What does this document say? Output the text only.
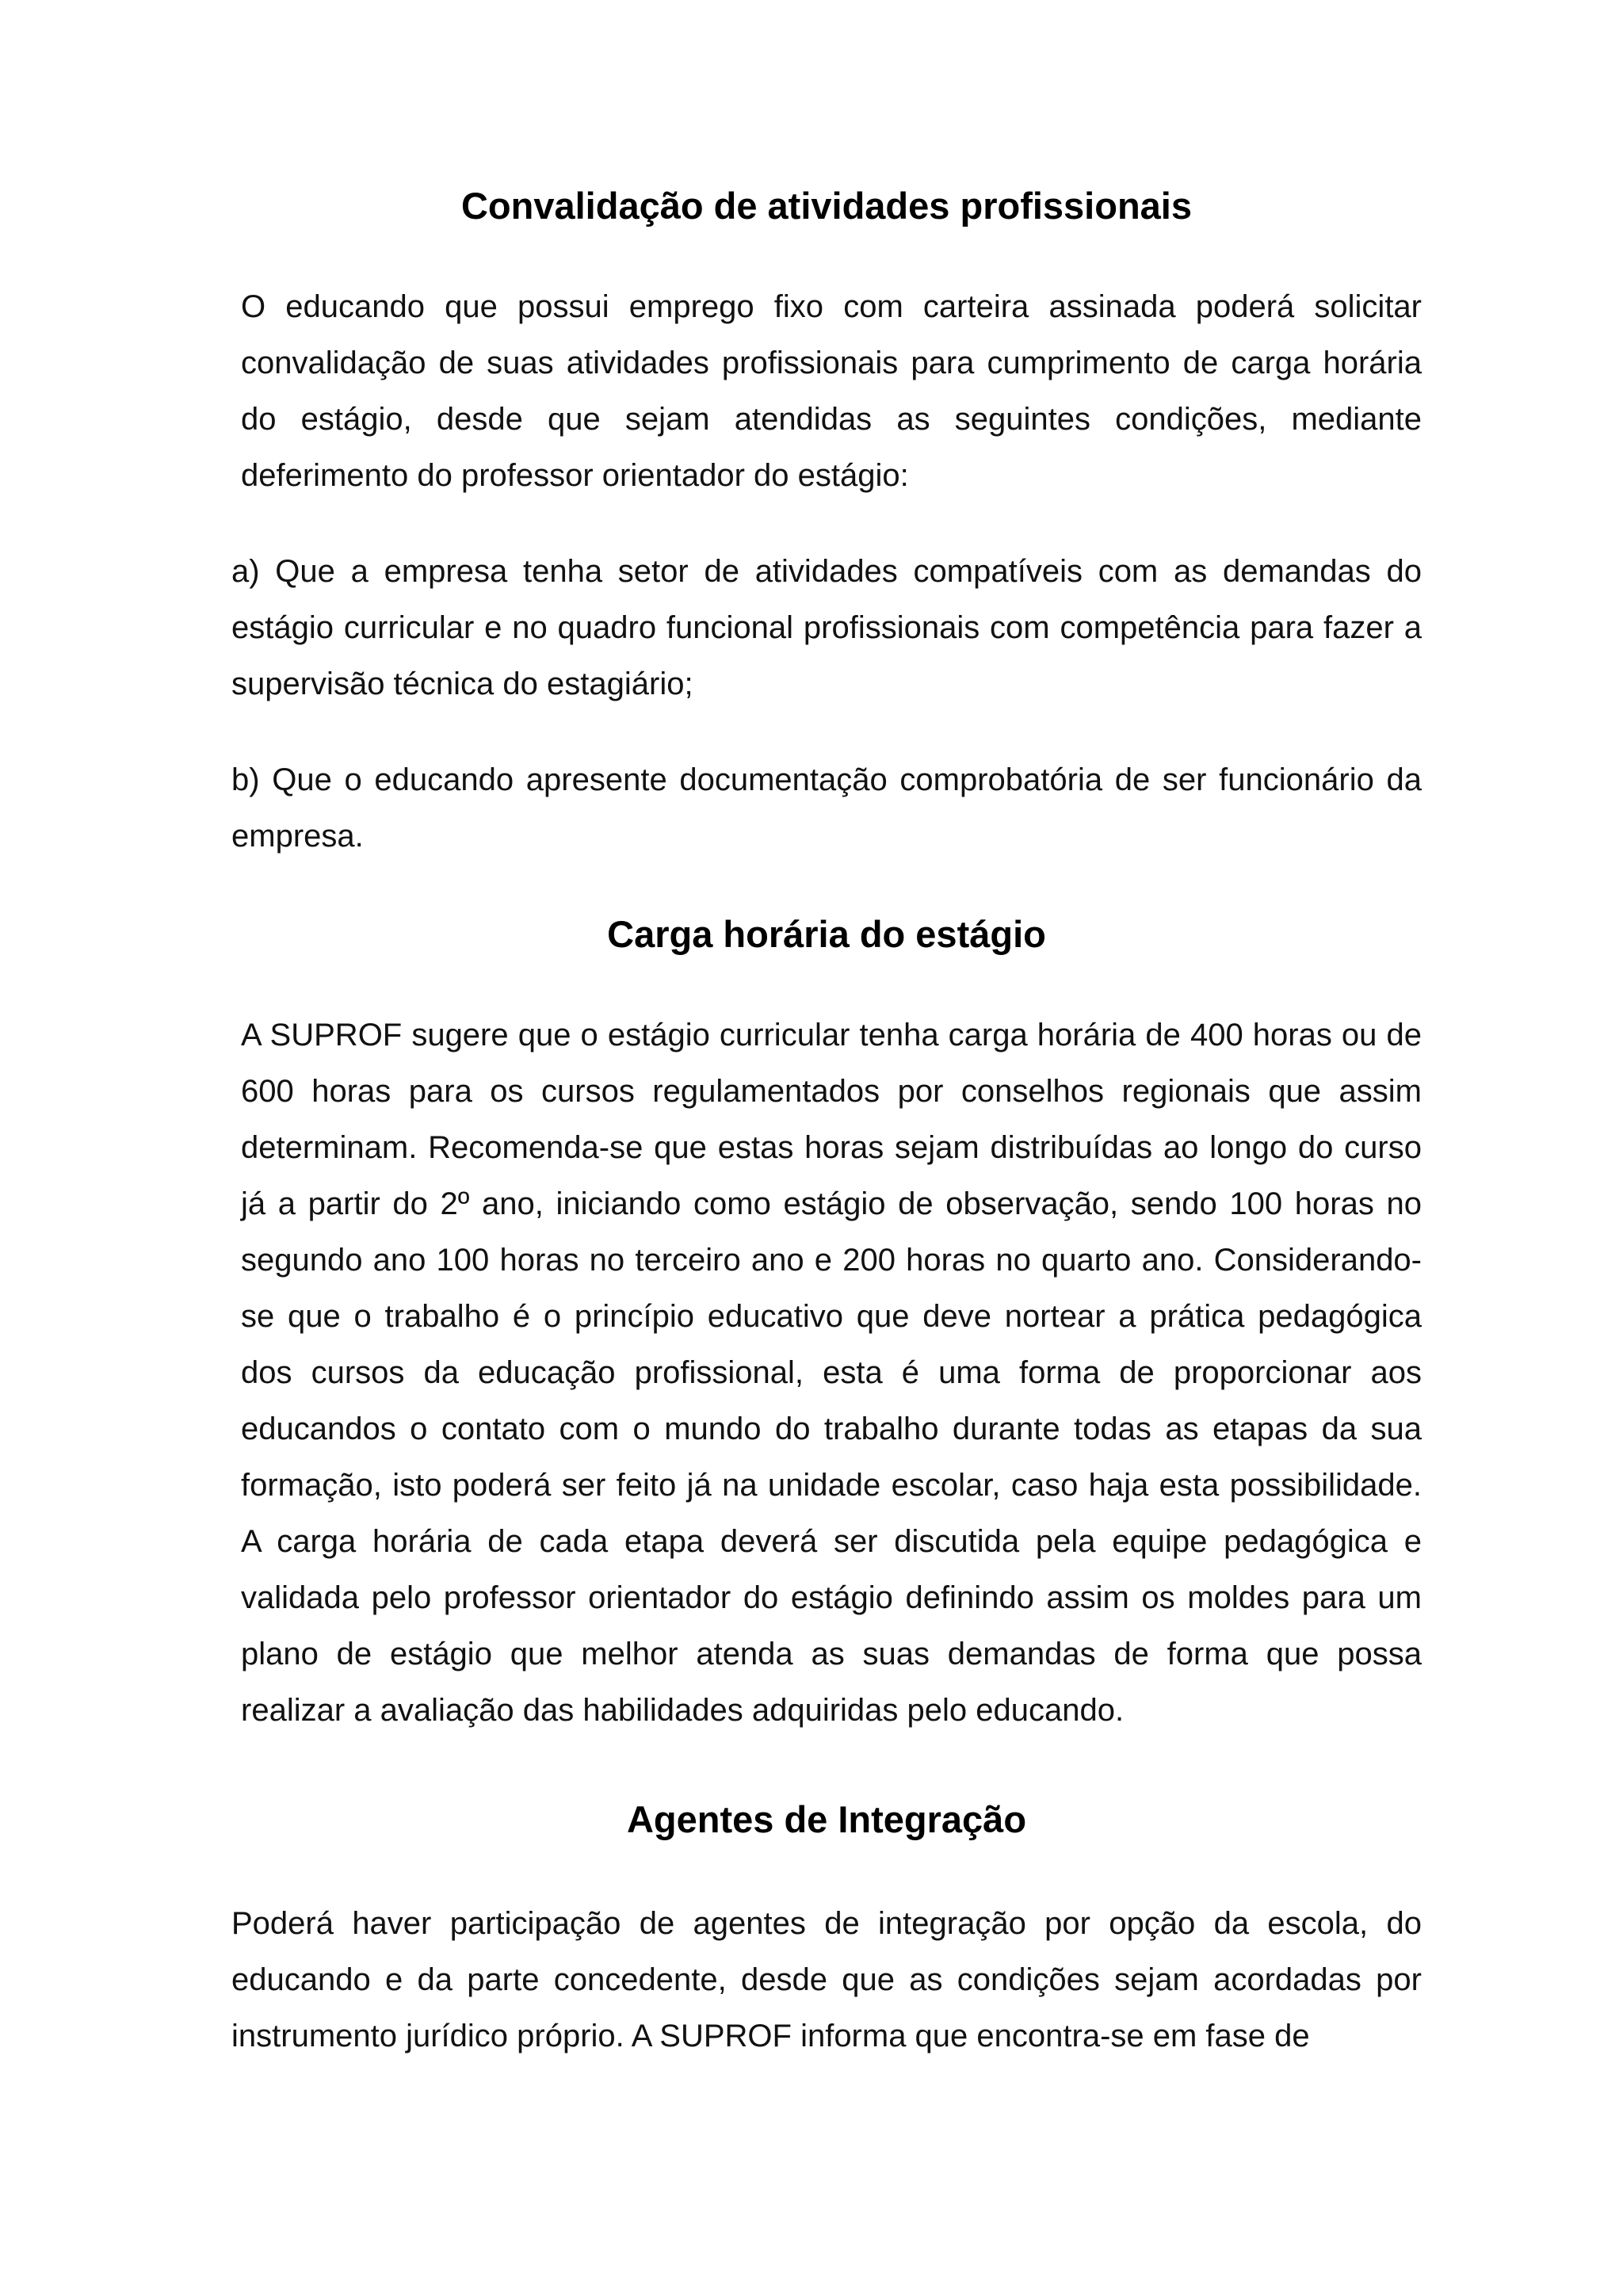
Convalidação de atividades profissionais

O educando que possui emprego fixo com carteira assinada poderá solicitar convalidação de suas atividades profissionais para cumprimento de carga horária do estágio, desde que sejam atendidas as seguintes condições, mediante deferimento do professor orientador do estágio:

a) Que a empresa tenha setor de atividades compatíveis com as demandas do estágio curricular e no quadro funcional profissionais com competência para fazer a supervisão técnica do estagiário;

b) Que o educando apresente documentação comprobatória de ser funcionário da empresa.

Carga horária do estágio

A SUPROF sugere que o estágio curricular tenha carga horária de 400 horas ou de 600 horas para os cursos regulamentados por conselhos regionais que assim determinam. Recomenda-se que estas horas sejam distribuídas ao longo do curso já a partir do 2º ano, iniciando como estágio de observação, sendo 100 horas no segundo ano 100 horas no terceiro ano e 200 horas no quarto ano. Considerando-se que o trabalho é o princípio educativo que deve nortear a prática pedagógica dos cursos da educação profissional, esta é uma forma de proporcionar aos educandos o contato com o mundo do trabalho durante todas as etapas da sua formação, isto poderá ser feito já na unidade escolar, caso haja esta possibilidade. A carga horária de cada etapa deverá ser discutida pela equipe pedagógica e validada pelo professor orientador do estágio definindo assim os moldes para um plano de estágio que melhor atenda as suas demandas de forma que possa realizar a avaliação das habilidades adquiridas pelo educando.

Agentes de Integração

Poderá haver participação de agentes de integração por opção da escola, do educando e da parte concedente, desde que as condições sejam acordadas por instrumento jurídico próprio. A SUPROF informa que encontra-se em fase de
